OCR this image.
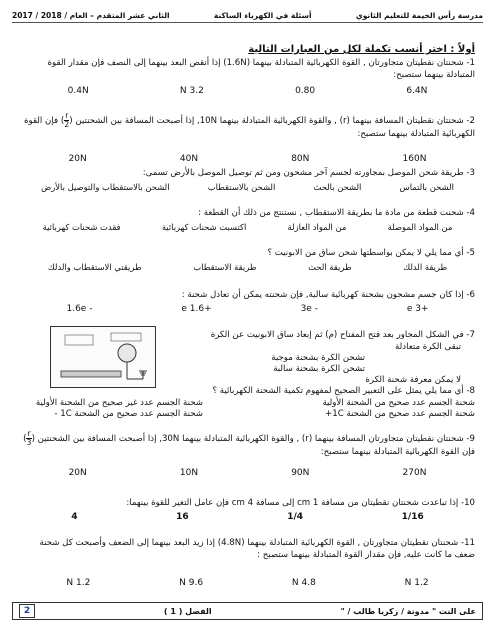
مدرسة رأس الخيمة للتعليم الثانوي
أسئلة في الكهرباء الساكنة
الثاني عشر المتقدم – العام / 2018 / 2017
أولاً : اختر أنسب تكملة لكل من العبارات التالية
1- شحنتان نقطيتان متجاورتان , القوة الكهربائية المتبادلة بينهما (1.6N) إذا أنقص البعد بينهما إلى النصف فإن مقدار القوة المتبادلة بينهما ستصبح:
6.4N
0.80
3.2 N
0.4N
2- شحنتان نقطيتان المسافة بينهما (r) , والقوة الكهربائية المتبادلة بينهما 10N, إذا أصبحت المسافة بين الشحنتين (
$\frac{r}{2}$
) فإن القوة الكهربائية المتبادلة بينهما ستصبح:
160N
80N
40N
20N
3- طريقة شحن الموصل بمجاورته لجسم آخر مشحون ومن ثم توصيل الموصل بالأرض تسمى:
الشحن بالتماس
الشحن بالحث
الشحن بالاستقطاب
الشحن بالاستقطاب والتوصيل بالأرض
4- شحنت قطعة من مادة ما بطريقة الاستقطاب , نستنتج من ذلك أن القطعة :
من المواد الموصلة
من المواد العازلة
اكتسبت شحنات كهربائية
فقدت شحنات كهربائية
5- أي مما يلي لا يمكن بواسطتها شحن ساق من الابونيت ؟
طريقة الدلك
طريقة الحث
طريقة الاستقطاب
طريقتي الاستقطاب والدلك
6- إذا كان جسم مشحون بشحنة كهربائية سالبة, فإن شحنته يمكن أن تعادل شحنة :
+3 e
- 3e
+1.6 e
- 1.6e
7- في الشكل المجاور بعد فتح المفتاح (م) ثم إبعاد ساق الابونيت عن الكرة
تبقى الكرة متعادلة
تشحن الكرة بشحنة موجبة
تشحن الكرة بشحنة سالبة
لا يمكن معرفة شحنة الكرة
8- أي مما يلي يمثل على التعبير الصحيح لمفهوم تكمية الشحنة الكهربائية ؟
شحنة الجسم عدد صحيح من الشحنة الأولية
شحنة الجسم عدد صحيح من الشحنة 1C+
شحنة الجسم عدد غير صحيح من الشحنة الأولية
شحنة الجسم عدد صحيح من الشحنة 1C -
9- شحنتان نقطيتان متجاورتان المسافة بينهما (r) , والقوة الكهربائية المتبادلة بينهما 30N, إذا أصبحت المسافة بين الشحنتين (
$\frac{r}{3}$
) فإن القوة الكهربائية المتبادلة بينهما ستصبح:
270N
90N
10N
20N
10- إذا تباعدت شحنتان نقطيتان من مسافة 1 cm إلى مسافة 4 cm فإن عامل التغير للقوة بينهما:
1/16
1/4
16
4
11- شحنتان نقطيتان متجاورتان , القوة الكهربائية المتبادلة بينهما (4.8N) إذا زيد البعد بينهما إلى الضعف وأصبحت كل شحنة ضعف ما كانت عليه, فإن مقدار القوة المتبادلة بينهما ستصبح :
1.2 N
4.8 N
9.6 N
1.2 N
على النت " مدونة / زكريا طالب / "
الفصل ( 1 )
2
